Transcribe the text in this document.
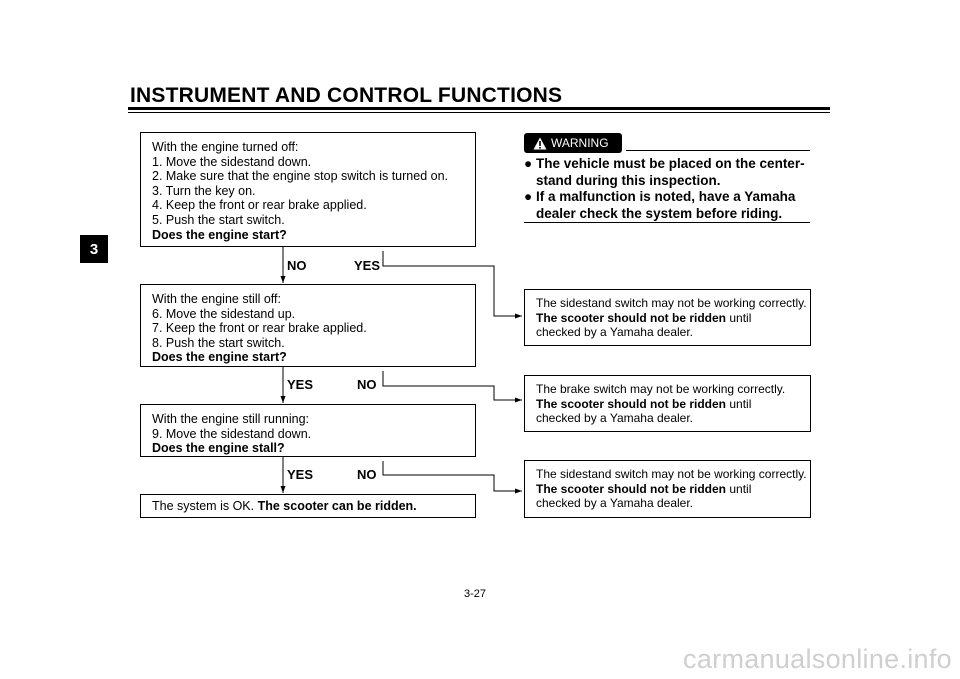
INSTRUMENT AND CONTROL FUNCTIONS
3
With the engine turned off:
1. Move the sidestand down.
2. Make sure that the engine stop switch is turned on.
3. Turn the key on.
4. Keep the front or rear brake applied.
5. Push the start switch.
Does the engine start?
With the engine still off:
6. Move the sidestand up.
7. Keep the front or rear brake applied.
8. Push the start switch.
Does the engine start?
With the engine still running:
9. Move the sidestand down.
Does the engine stall?
The system is OK. The scooter can be ridden.
NO	YES
YES	NO
YES	NO
The sidestand switch may not be working correctly.
The scooter should not be ridden until
checked by a Yamaha dealer.
The brake switch may not be working correctly.
The scooter should not be ridden until
checked by a Yamaha dealer.
The sidestand switch may not be working correctly.
The scooter should not be ridden until
checked by a Yamaha dealer.
WARNING
● The vehicle must be placed on the center-
stand during this inspection.
● If a malfunction is noted, have a Yamaha
dealer check the system before riding.
3-27
carmanualsonline.info
